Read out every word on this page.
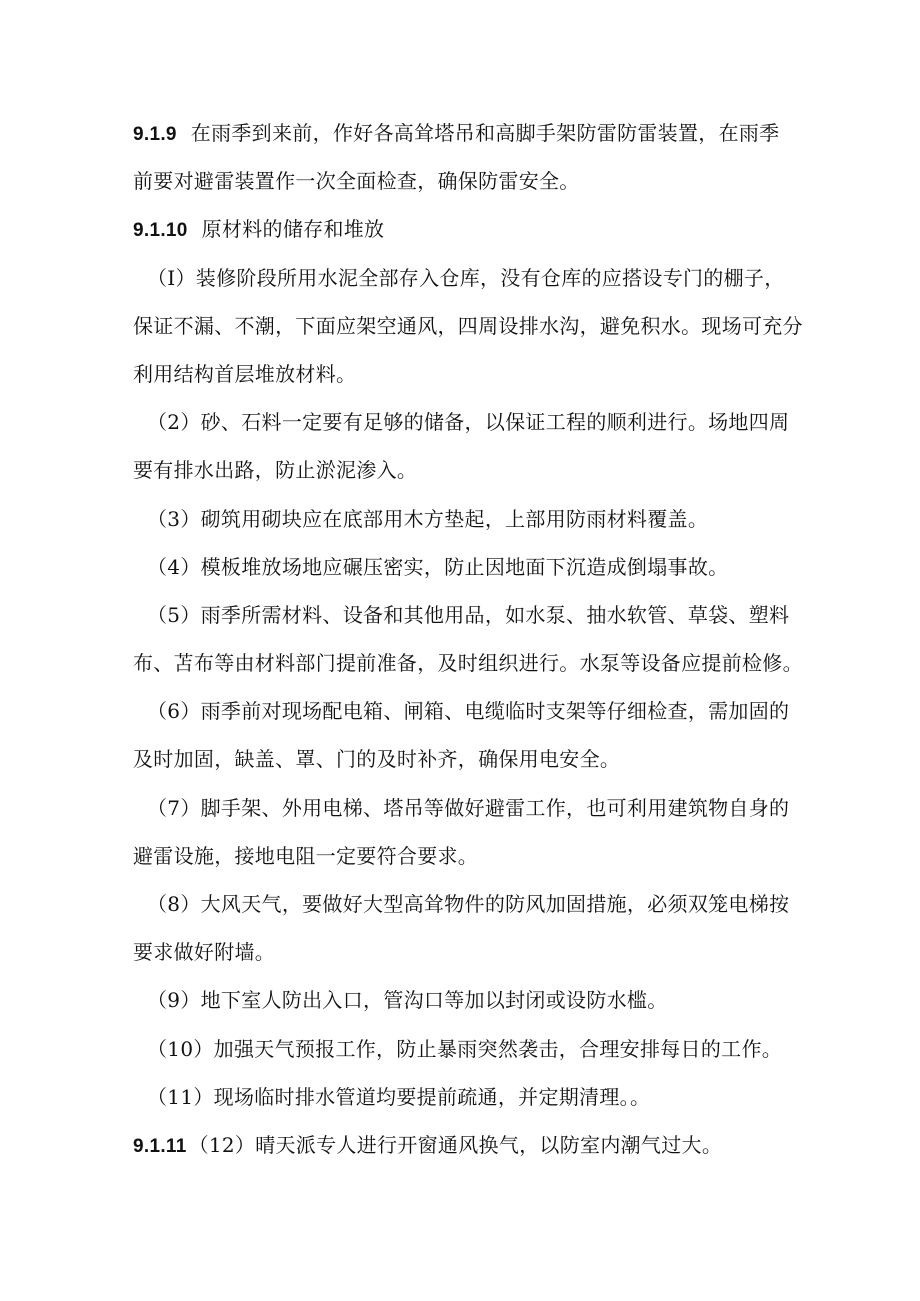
9.1.9 在雨季到来前，作好各高耸塔吊和高脚手架防雷防雷装置，在雨季
前要对避雷装置作一次全面检查，确保防雷安全。
9.1.10 原材料的储存和堆放
（I）装修阶段所用水泥全部存入仓库，没有仓库的应搭设专门的棚子，
保证不漏、不潮，下面应架空通风，四周设排水沟，避免积水。现场可充分
利用结构首层堆放材料。
（2）砂、石料一定要有足够的储备，以保证工程的顺利进行。场地四周
要有排水出路，防止淤泥渗入。
（3）砌筑用砌块应在底部用木方垫起，上部用防雨材料覆盖。
（4）模板堆放场地应碾压密实，防止因地面下沉造成倒塌事故。
（5）雨季所需材料、设备和其他用品，如水泵、抽水软管、草袋、塑料
布、苫布等由材料部门提前准备，及时组织进行。水泵等设备应提前检修。
（6）雨季前对现场配电箱、闸箱、电缆临时支架等仔细检查，需加固的
及时加固，缺盖、罩、门的及时补齐，确保用电安全。
（7）脚手架、外用电梯、塔吊等做好避雷工作，也可利用建筑物自身的
避雷设施，接地电阻一定要符合要求。
（8）大风天气，要做好大型高耸物件的防风加固措施，必须双笼电梯按
要求做好附墙。
（9）地下室人防出入口，管沟口等加以封闭或设防水槛。
（10）加强天气预报工作，防止暴雨突然袭击，合理安排每日的工作。
（11）现场临时排水管道均要提前疏通，并定期清理。。
9.1.11 （12）晴天派专人进行开窗通风换气，以防室内潮气过大。
